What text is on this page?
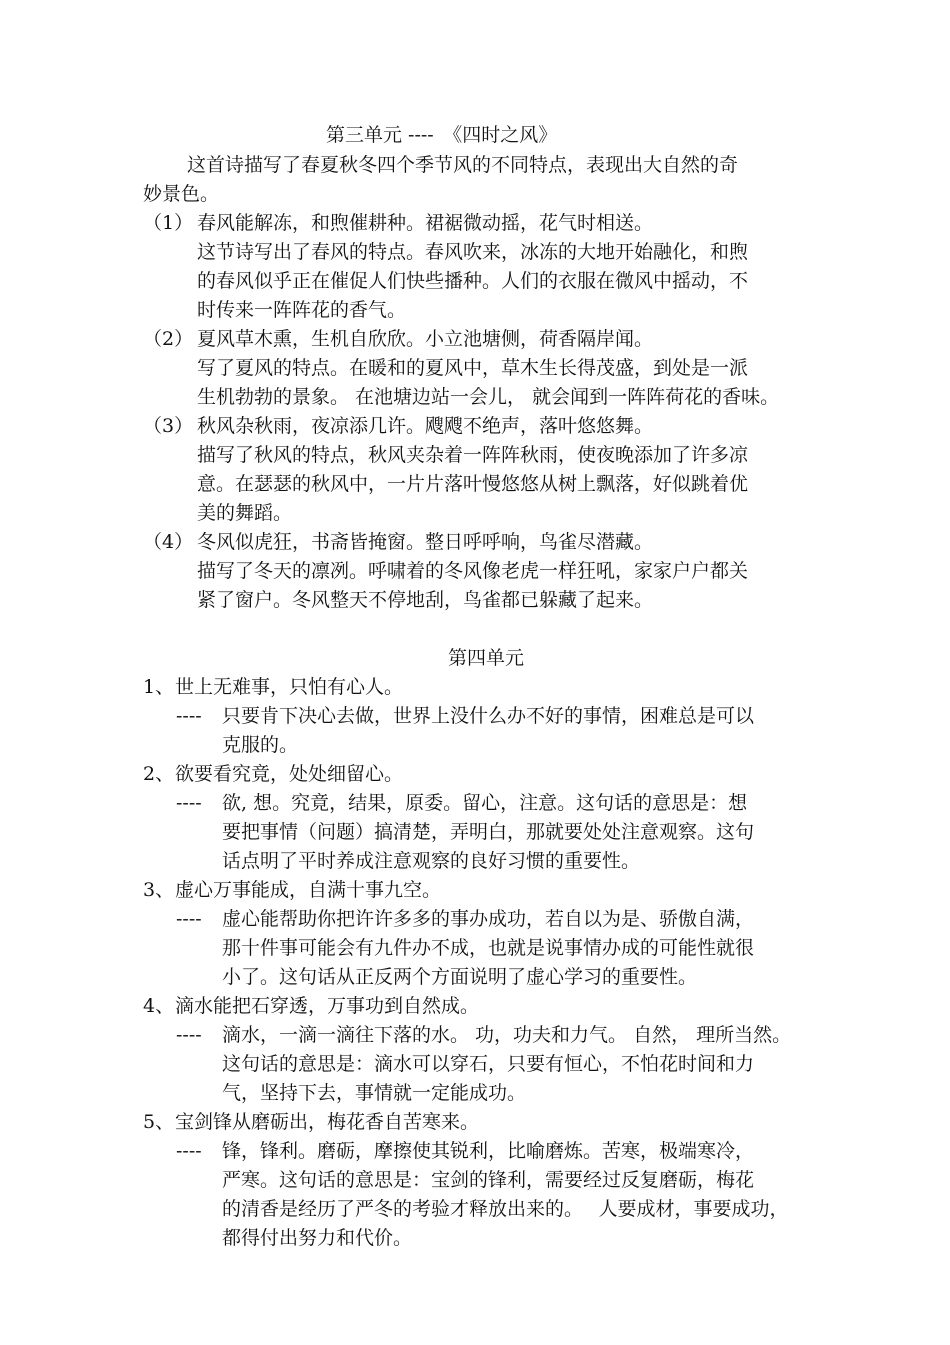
第三单元 ----　《四时之风》
这首诗描写了春夏秋冬四个季节风的不同特点，表现出大自然的奇
妙景色。
（1） 春风能解冻，和煦催耕种。裙裾微动摇，花气时相送。
这节诗写出了春风的特点。春风吹来，冰冻的大地开始融化，和煦
的春风似乎正在催促人们快些播种。人们的衣服在微风中摇动，不
时传来一阵阵花的香气。
（2） 夏风草木熏，生机自欣欣。小立池塘侧，荷香隔岸闻。
写了夏风的特点。在暖和的夏风中，草木生长得茂盛，到处是一派
生机勃勃的景象。 在池塘边站一会儿， 就会闻到一阵阵荷花的香味。
（3） 秋风杂秋雨，夜凉添几许。飕飕不绝声，落叶悠悠舞。
描写了秋风的特点，秋风夹杂着一阵阵秋雨，使夜晚添加了许多凉
意。在瑟瑟的秋风中，一片片落叶慢悠悠从树上飘落，好似跳着优
美的舞蹈。
（4） 冬风似虎狂，书斋皆掩窗。整日呼呼响，鸟雀尽潜藏。
描写了冬天的凛冽。呼啸着的冬风像老虎一样狂吼，家家户户都关
紧了窗户。冬风整天不停地刮，鸟雀都已躲藏了起来。
第四单元
1、 世上无难事，只怕有心人。
---- 只要肯下决心去做，世界上没什么办不好的事情，困难总是可以
克服的。
2、 欲要看究竟，处处细留心。
---- 欲, 想。究竟，结果，原委。留心，注意。这句话的意思是：想
要把事情（问题）搞清楚，弄明白，那就要处处注意观察。这句
话点明了平时养成注意观察的良好习惯的重要性。
3、 虚心万事能成，自满十事九空。
---- 虚心能帮助你把许许多多的事办成功，若自以为是、骄傲自满，
那十件事可能会有九件办不成，也就是说事情办成的可能性就很
小了。这句话从正反两个方面说明了虚心学习的重要性。
4、 滴水能把石穿透，万事功到自然成。
---- 滴水，一滴一滴往下落的水。 功，功夫和力气。 自然， 理所当然。
这句话的意思是：滴水可以穿石，只要有恒心，不怕花时间和力
气，坚持下去，事情就一定能成功。
5、 宝剑锋从磨砺出，梅花香自苦寒来。
---- 锋，锋利。磨砺，摩擦使其锐利，比喻磨炼。苦寒，极端寒冷，
严寒。这句话的意思是：宝剑的锋利，需要经过反复磨砺，梅花
的清香是经历了严冬的考验才释放出来的。　 人要成材，事要成功，
都得付出努力和代价。
